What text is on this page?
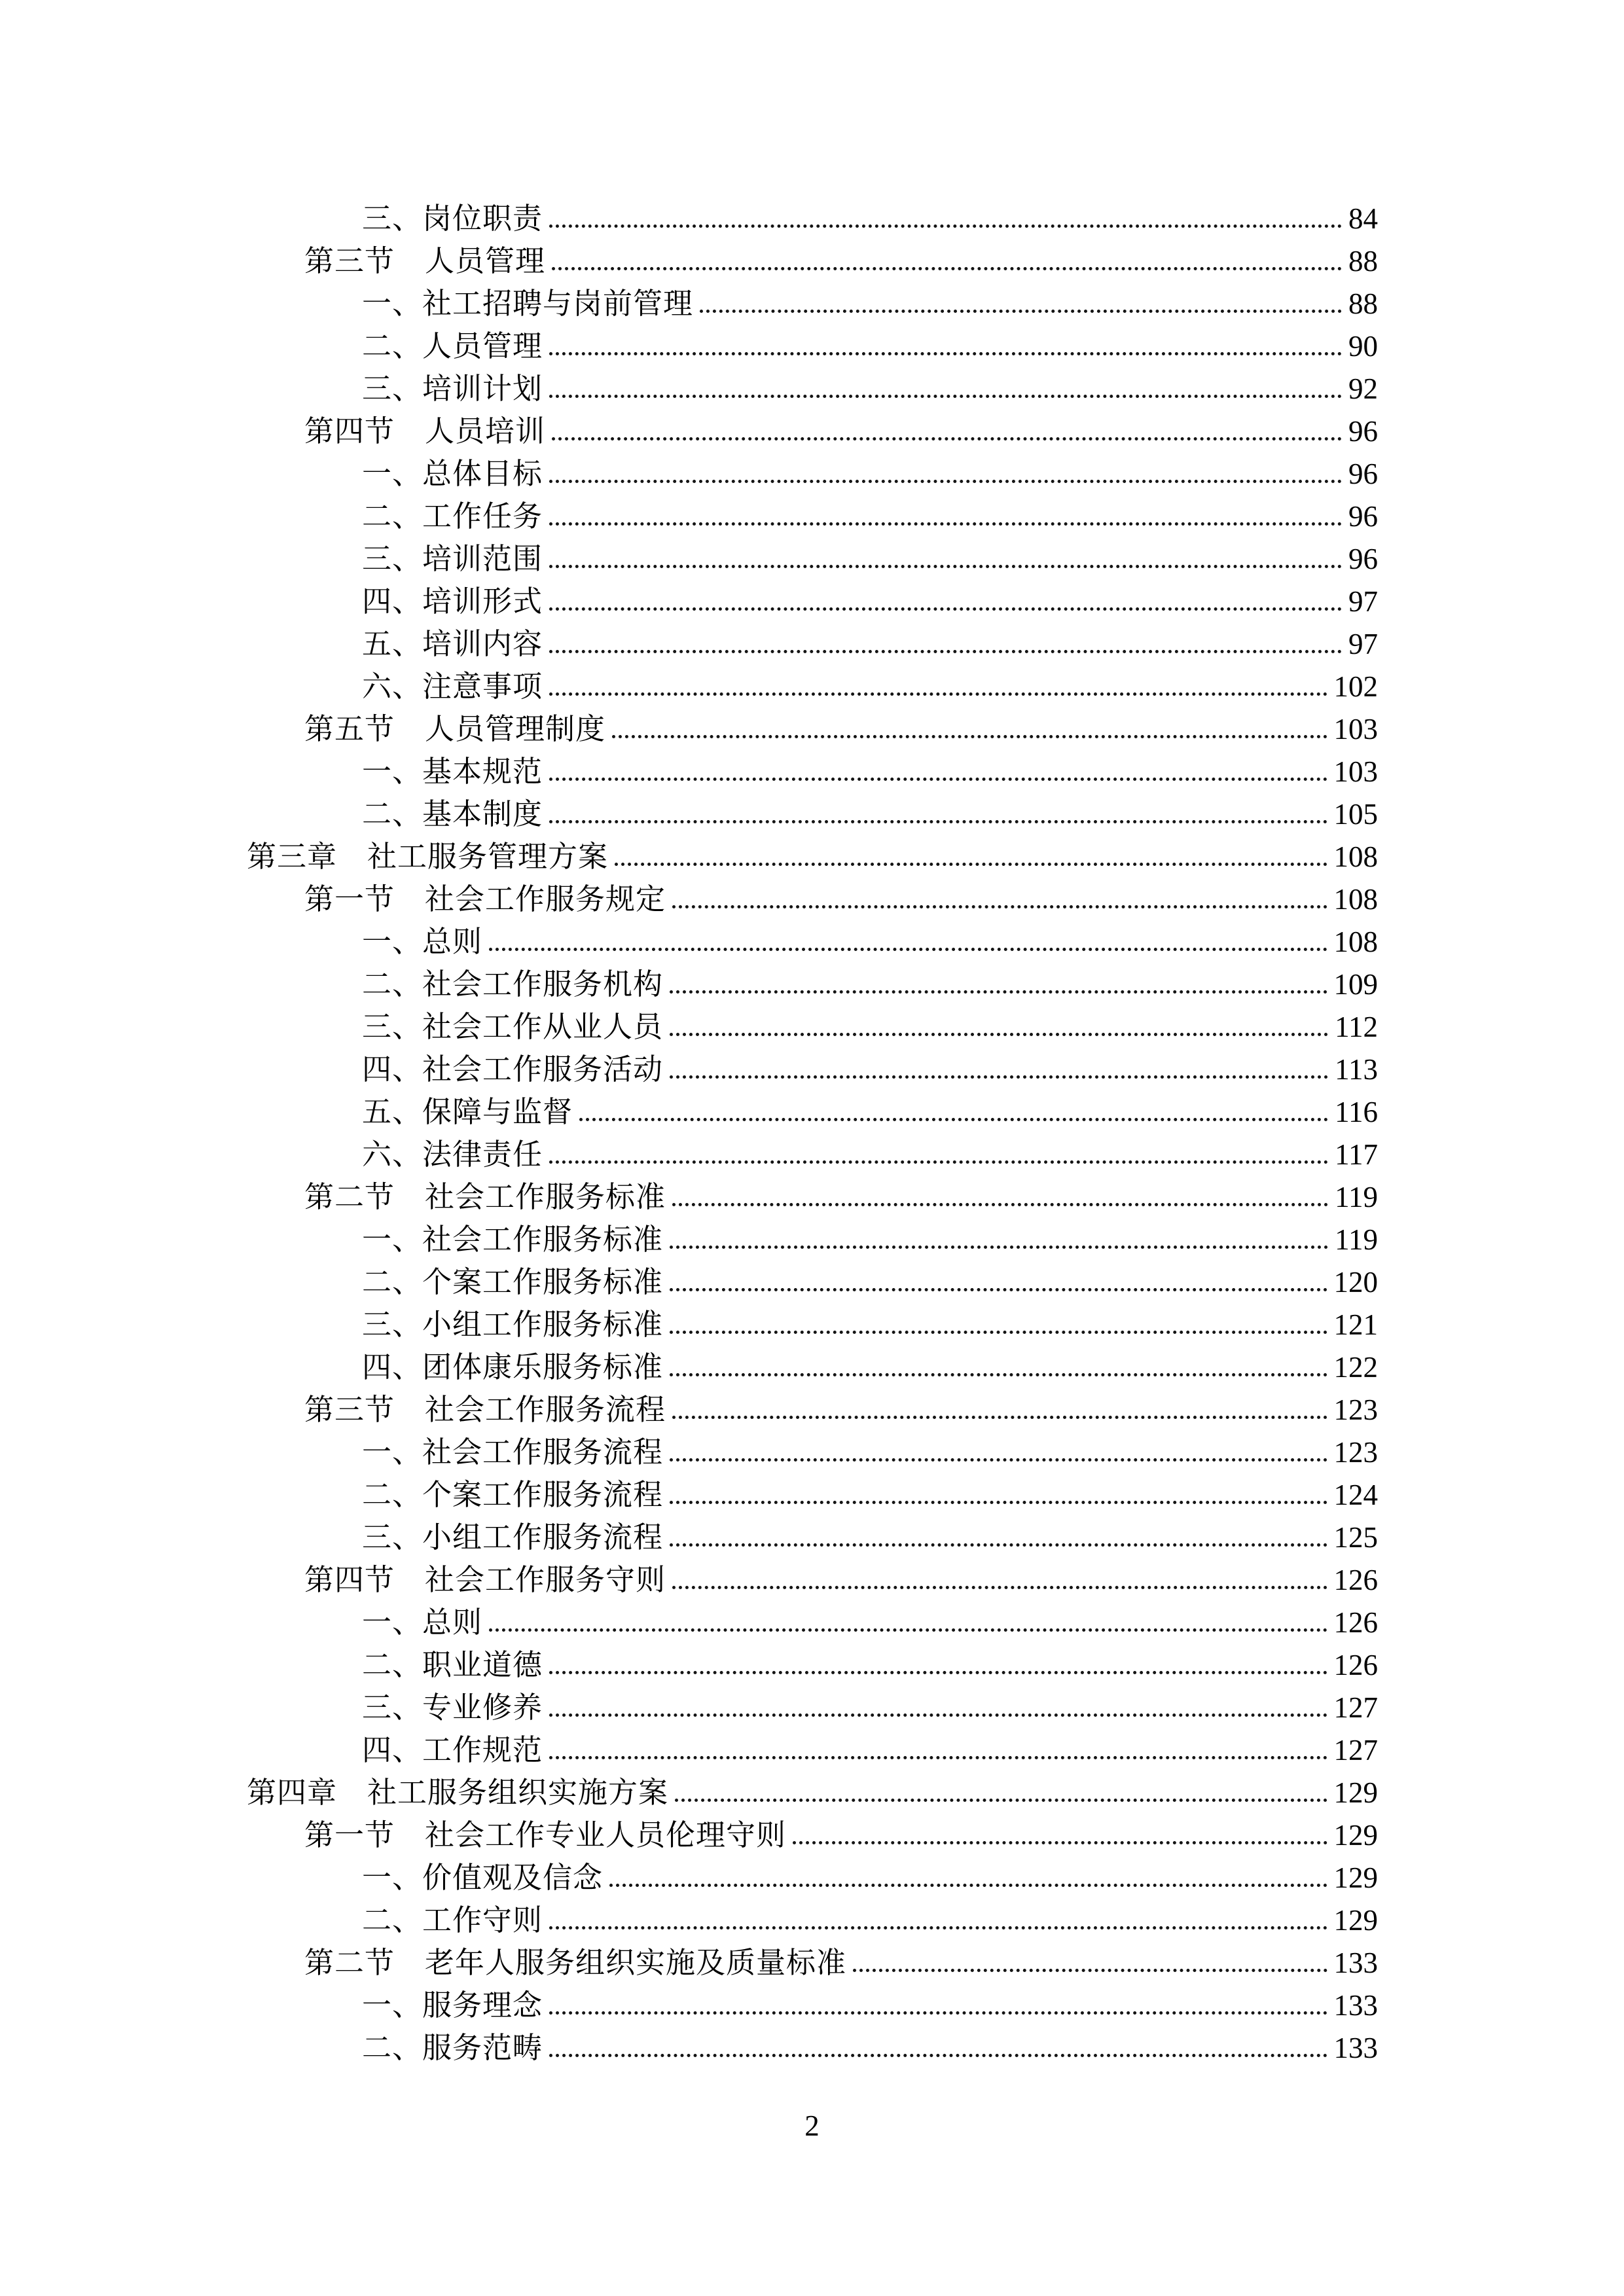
三、岗位职责	84
第三节　人员管理	88
一、社工招聘与岗前管理	88
二、人员管理	90
三、培训计划	92
第四节　人员培训	96
一、总体目标	96
二、工作任务	96
三、培训范围	96
四、培训形式	97
五、培训内容	97
六、注意事项	102
第五节　人员管理制度	103
一、基本规范	103
二、基本制度	105
第三章　社工服务管理方案	108
第一节　社会工作服务规定	108
一、总则	108
二、社会工作服务机构	109
三、社会工作从业人员	112
四、社会工作服务活动	113
五、保障与监督	116
六、法律责任	117
第二节　社会工作服务标准	119
一、社会工作服务标准	119
二、个案工作服务标准	120
三、小组工作服务标准	121
四、团体康乐服务标准	122
第三节　社会工作服务流程	123
一、社会工作服务流程	123
二、个案工作服务流程	124
三、小组工作服务流程	125
第四节　社会工作服务守则	126
一、总则	126
二、职业道德	126
三、专业修养	127
四、工作规范	127
第四章　社工服务组织实施方案	129
第一节　社会工作专业人员伦理守则	129
一、价值观及信念	129
二、工作守则	129
第二节　老年人服务组织实施及质量标准	133
一、服务理念	133
二、服务范畴	133
2
